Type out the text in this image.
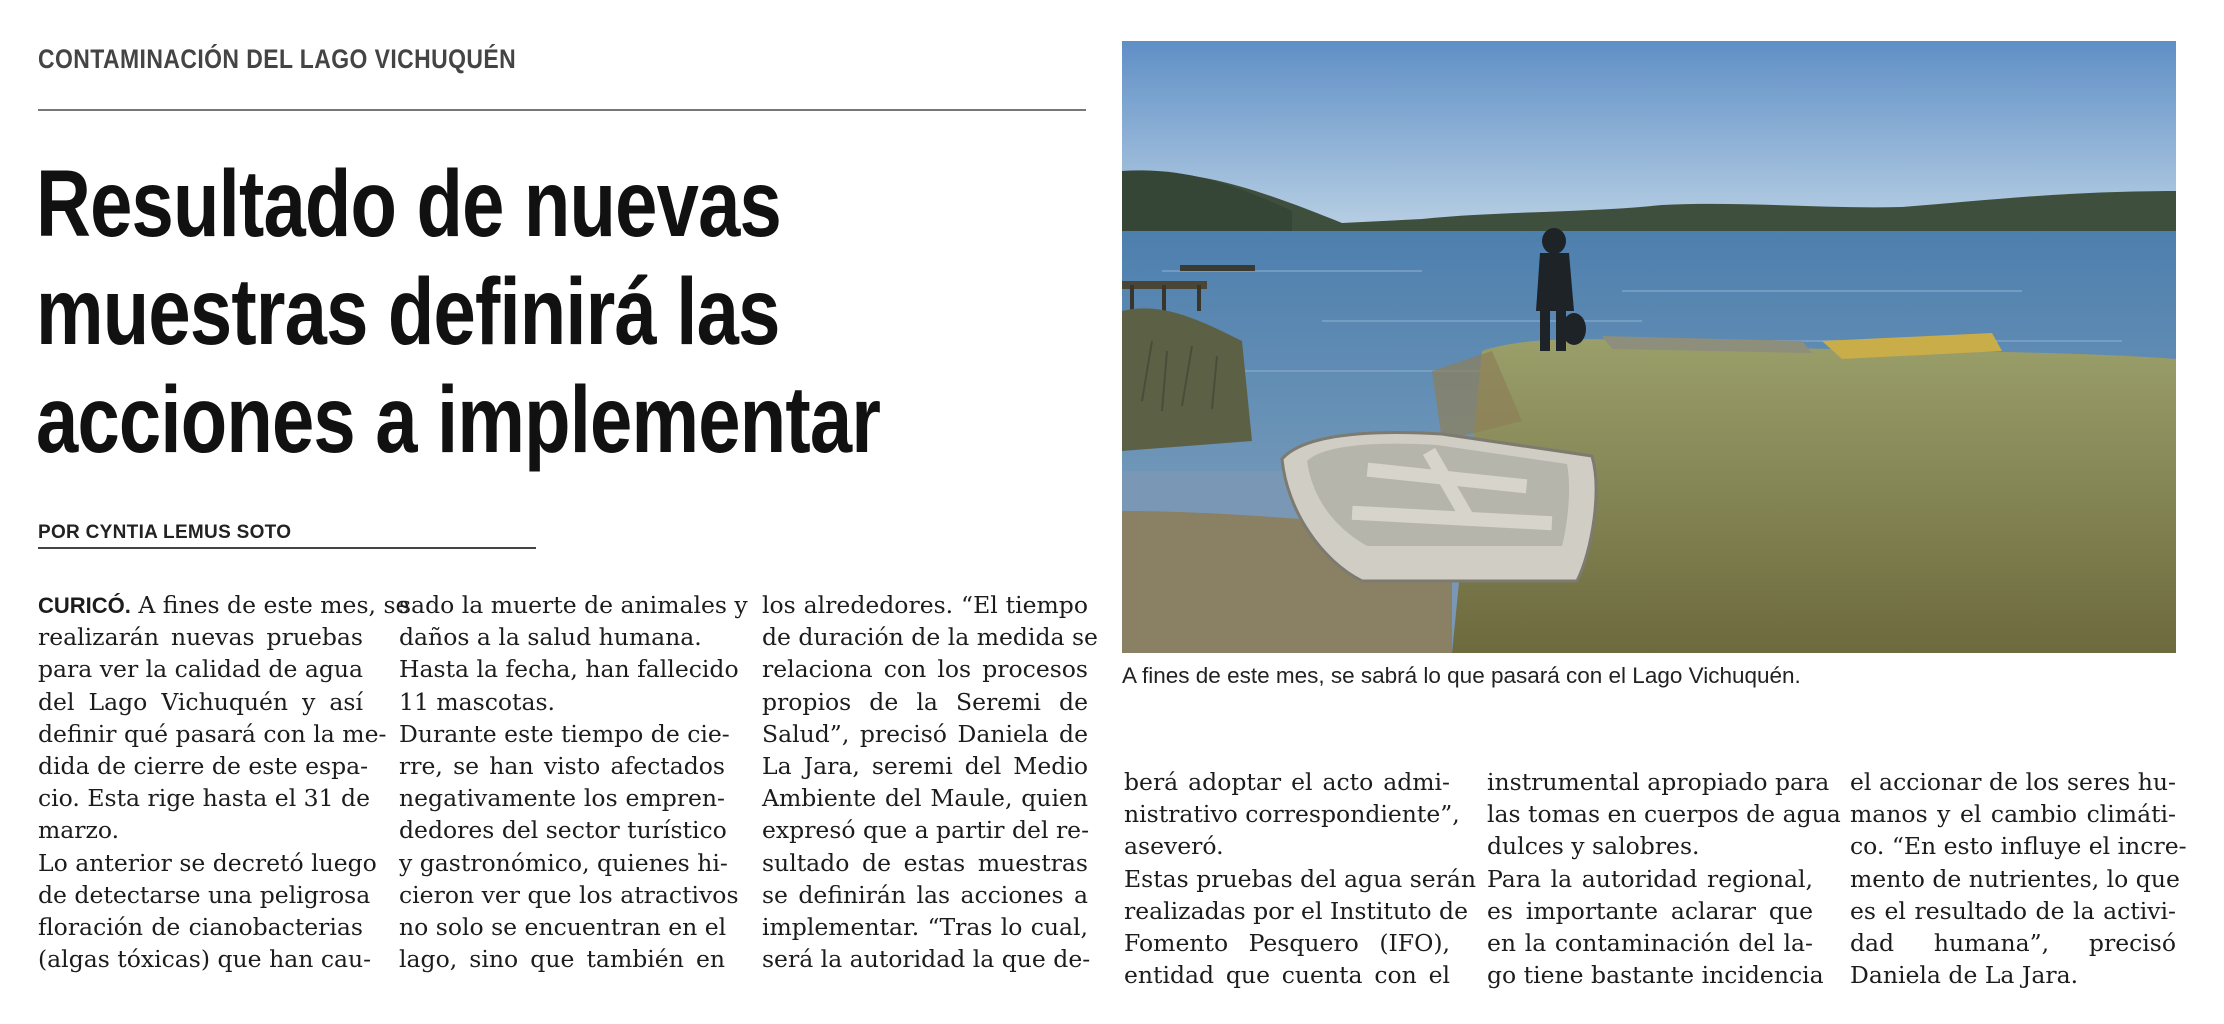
CONTAMINACIÓN DEL LAGO VICHUQUÉN
Resultado de nuevas
muestras definirá las
acciones a implementar
POR CYNTIA LEMUS SOTO
CURICÓ. A fines de este mes, se
realizarán nuevas pruebas
para ver la calidad de agua
del Lago Vichuquén y así
definir qué pasará con la me-
dida de cierre de este espa-
cio. Esta rige hasta el 31 de
marzo.
Lo anterior se decretó luego
de detectarse una peligrosa
floración de cianobacterias
(algas tóxicas) que han cau-
sado la muerte de animales y
daños a la salud humana.
Hasta la fecha, han fallecido
11 mascotas.
Durante este tiempo de cie-
rre, se han visto afectados
negativamente los empren-
dedores del sector turístico
y gastronómico, quienes hi-
cieron ver que los atractivos
no solo se encuentran en el
lago, sino que también en
los alrededores. “El tiempo
de duración de la medida se
relaciona con los procesos
propios de la Seremi de
Salud”, precisó Daniela de
La Jara, seremi del Medio
Ambiente del Maule, quien
expresó que a partir del re-
sultado de estas muestras
se definirán las acciones a
implementar. “Tras lo cual,
será la autoridad la que de-
berá adoptar el acto admi-
nistrativo correspondiente”,
aseveró.
Estas pruebas del agua serán
realizadas por el Instituto de
Fomento Pesquero (IFO),
entidad que cuenta con el
instrumental apropiado para
las tomas en cuerpos de agua
dulces y salobres.
Para la autoridad regional,
es importante aclarar que
en la contaminación del la-
go tiene bastante incidencia
el accionar de los seres hu-
manos y el cambio climáti-
co. “En esto influye el incre-
mento de nutrientes, lo que
es el resultado de la activi-
dad humana”, precisó
Daniela de La Jara.
A fines de este mes, se sabrá lo que pasará con el Lago Vichuquén.
